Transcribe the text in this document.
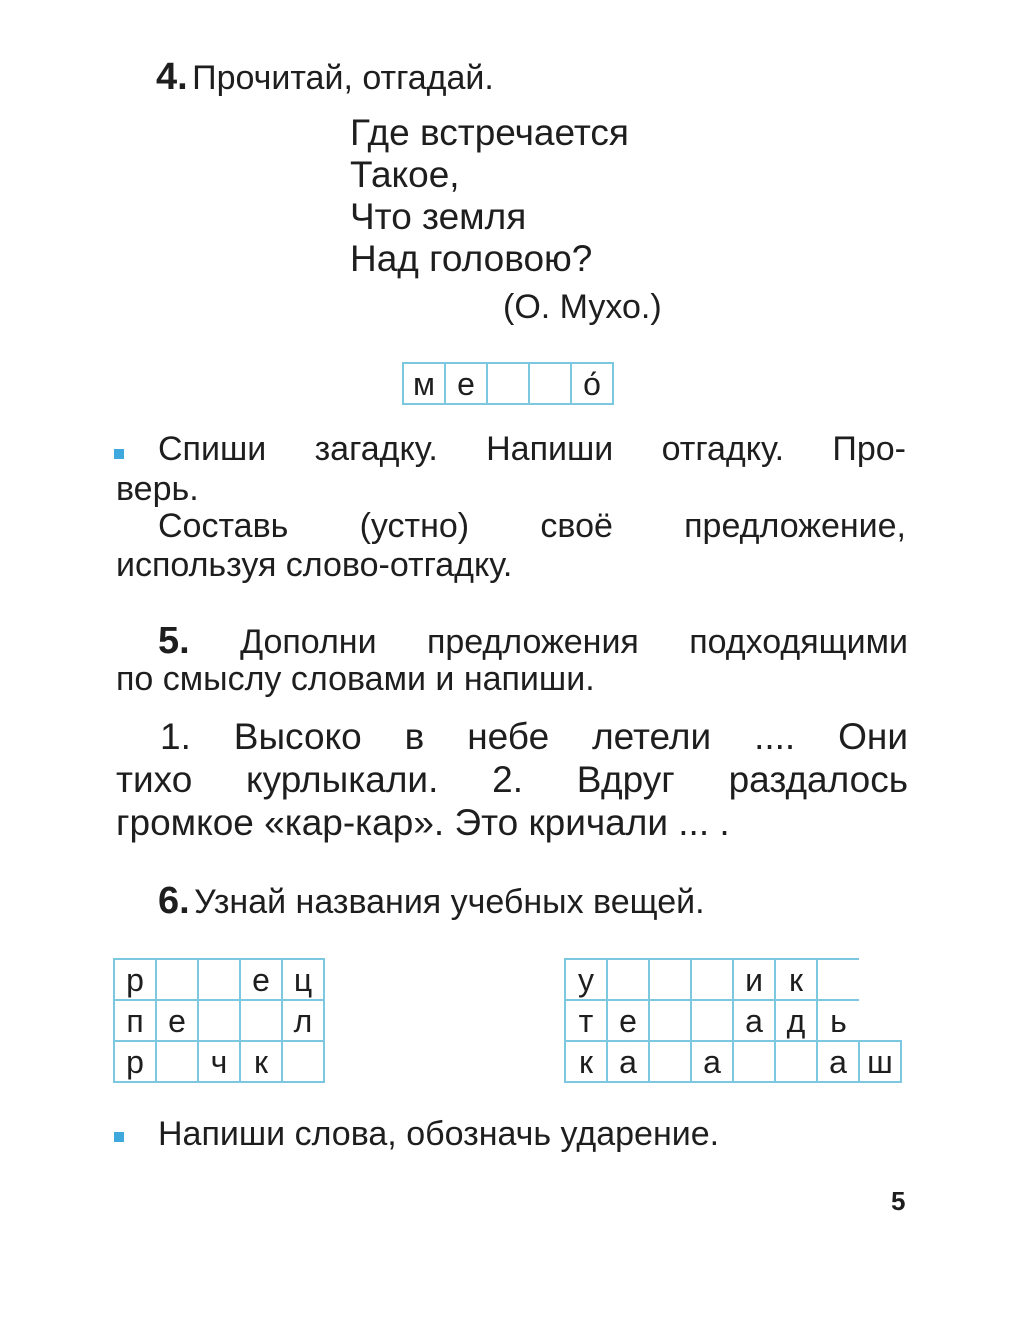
4. Прочитай, отгадай.
Где встречается
Такое,
Что земля
Над головою?
(О. Мухо.)
м	е			о́
Спиши загадку. Напиши отгадку. Про-
верь.
Составь (устно) своё предложение,
используя слово-отгадку.
5. Дополни предложения подходящими
по смыслу словами и напиши.
1. Высоко в небе летели .... Они
тихо курлыкали. 2. Вдруг раздалось
громкое «кар-кар». Это кричали ... .
6. Узнай названия учебных вещей.
р			е	ц
п	е			л
р		ч	к	
у				и	к		
т	е			а	д	ь	
к	а		а			а	ш
Напиши слова, обозначь ударение.
5
